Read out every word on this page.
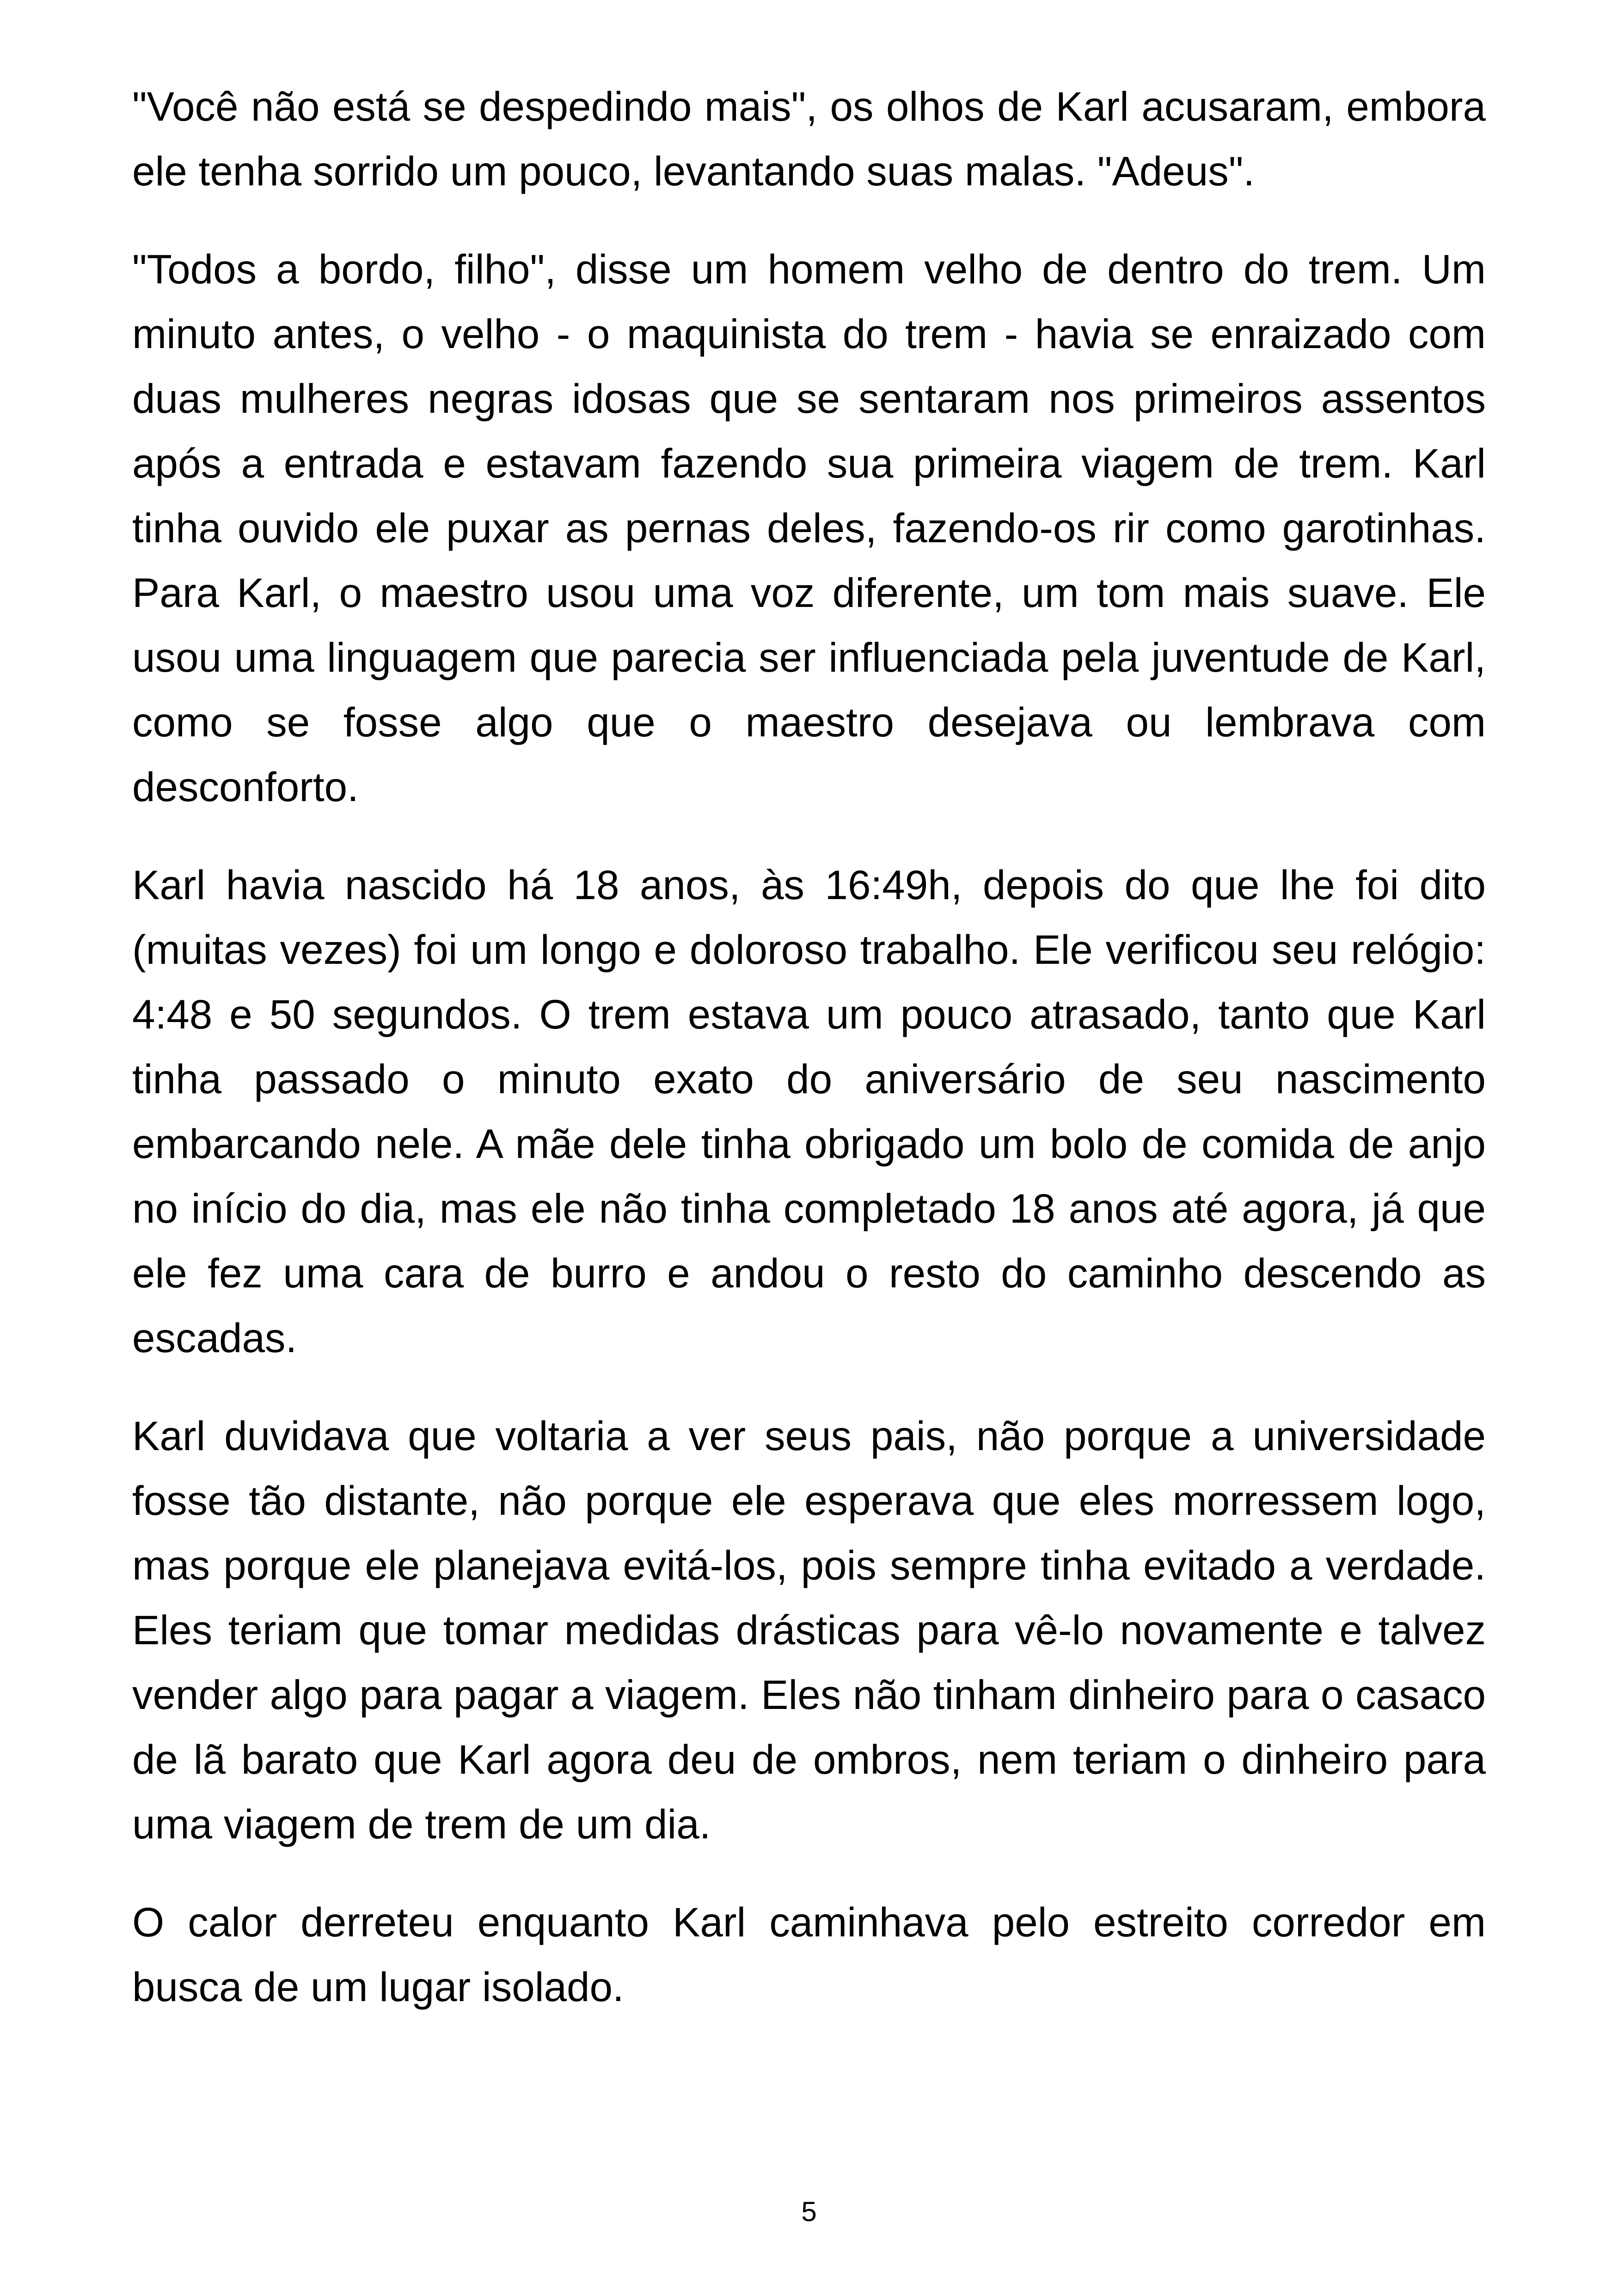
"Você não está se despedindo mais", os olhos de Karl acusaram, embora ele tenha sorrido um pouco, levantando suas malas. "Adeus".

"Todos a bordo, filho", disse um homem velho de dentro do trem. Um minuto antes, o velho - o maquinista do trem - havia se enraizado com duas mulheres negras idosas que se sentaram nos primeiros assentos após a entrada e estavam fazendo sua primeira viagem de trem. Karl tinha ouvido ele puxar as pernas deles, fazendo-os rir como garotinhas. Para Karl, o maestro usou uma voz diferente, um tom mais suave. Ele usou uma linguagem que parecia ser influenciada pela juventude de Karl, como se fosse algo que o maestro desejava ou lembrava com desconforto.

Karl havia nascido há 18 anos, às 16:49h, depois do que lhe foi dito (muitas vezes) foi um longo e doloroso trabalho. Ele verificou seu relógio: 4:48 e 50 segundos. O trem estava um pouco atrasado, tanto que Karl tinha passado o minuto exato do aniversário de seu nascimento embarcando nele. A mãe dele tinha obrigado um bolo de comida de anjo no início do dia, mas ele não tinha completado 18 anos até agora, já que ele fez uma cara de burro e andou o resto do caminho descendo as escadas.

Karl duvidava que voltaria a ver seus pais, não porque a universidade fosse tão distante, não porque ele esperava que eles morressem logo, mas porque ele planejava evitá-los, pois sempre tinha evitado a verdade. Eles teriam que tomar medidas drásticas para vê-lo novamente e talvez vender algo para pagar a viagem. Eles não tinham dinheiro para o casaco de lã barato que Karl agora deu de ombros, nem teriam o dinheiro para uma viagem de trem de um dia.

O calor derreteu enquanto Karl caminhava pelo estreito corredor em busca de um lugar isolado.

5
